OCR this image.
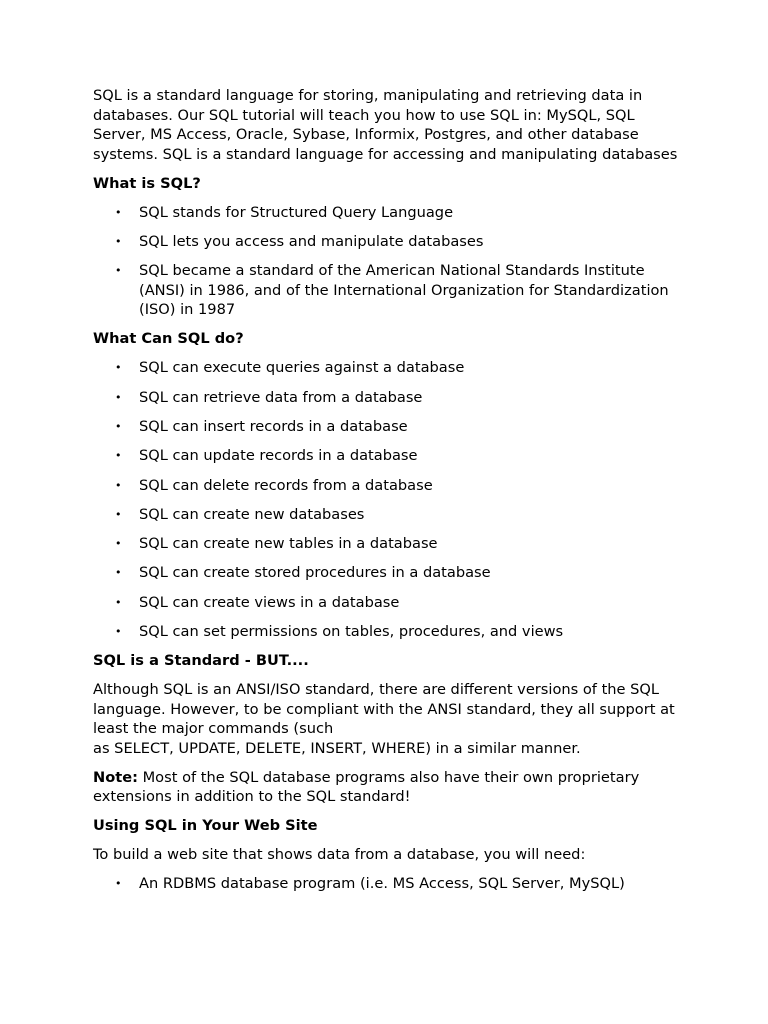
SQL is a standard language for storing, manipulating and retrieving data in databases. Our SQL tutorial will teach you how to use SQL in: MySQL, SQL Server, MS Access, Oracle, Sybase, Informix, Postgres, and other database systems. SQL is a standard language for accessing and manipulating databases

What is SQL?
• SQL stands for Structured Query Language
• SQL lets you access and manipulate databases
• SQL became a standard of the American National Standards Institute (ANSI) in 1986, and of the International Organization for Standardization (ISO) in 1987
What Can SQL do?
• SQL can execute queries against a database
• SQL can retrieve data from a database
• SQL can insert records in a database
• SQL can update records in a database
• SQL can delete records from a database
• SQL can create new databases
• SQL can create new tables in a database
• SQL can create stored procedures in a database
• SQL can create views in a database
• SQL can set permissions on tables, procedures, and views
SQL is a Standard - BUT....

Although SQL is an ANSI/ISO standard, there are different versions of the SQL language. However, to be compliant with the ANSI standard, they all support at least the major commands (such
as SELECT, UPDATE, DELETE, INSERT, WHERE) in a similar manner.

Note: Most of the SQL database programs also have their own proprietary extensions in addition to the SQL standard!

Using SQL in Your Web Site

To build a web site that shows data from a database, you will need:

• An RDBMS database program (i.e. MS Access, SQL Server, MySQL)
